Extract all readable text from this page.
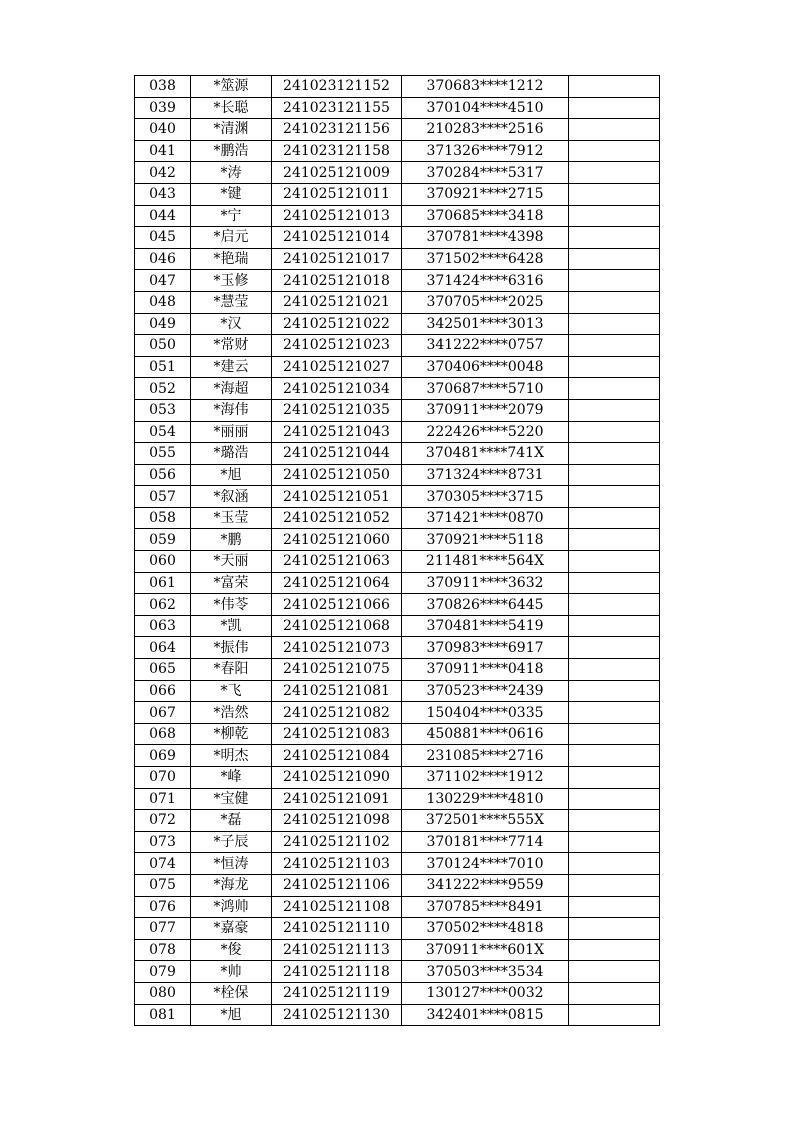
038	*筮源	241023121152	370683****1212	
039	*长聪	241023121155	370104****4510	
040	*清渊	241023121156	210283****2516	
041	*鹏浩	241023121158	371326****7912	
042	*涛	241025121009	370284****5317	
043	*键	241025121011	370921****2715	
044	*宁	241025121013	370685****3418	
045	*启元	241025121014	370781****4398	
046	*艳瑞	241025121017	371502****6428	
047	*玉修	241025121018	371424****6316	
048	*慧莹	241025121021	370705****2025	
049	*汉	241025121022	342501****3013	
050	*常财	241025121023	341222****0757	
051	*建云	241025121027	370406****0048	
052	*海超	241025121034	370687****5710	
053	*海伟	241025121035	370911****2079	
054	*丽丽	241025121043	222426****5220	
055	*璐浩	241025121044	370481****741X	
056	*旭	241025121050	371324****8731	
057	*叙涵	241025121051	370305****3715	
058	*玉莹	241025121052	371421****0870	
059	*鹏	241025121060	370921****5118	
060	*天丽	241025121063	211481****564X	
061	*富荣	241025121064	370911****3632	
062	*伟苓	241025121066	370826****6445	
063	*凯	241025121068	370481****5419	
064	*振伟	241025121073	370983****6917	
065	*春阳	241025121075	370911****0418	
066	*飞	241025121081	370523****2439	
067	*浩然	241025121082	150404****0335	
068	*柳乾	241025121083	450881****0616	
069	*明杰	241025121084	231085****2716	
070	*峰	241025121090	371102****1912	
071	*宝健	241025121091	130229****4810	
072	*磊	241025121098	372501****555X	
073	*子辰	241025121102	370181****7714	
074	*恒涛	241025121103	370124****7010	
075	*海龙	241025121106	341222****9559	
076	*鸿帅	241025121108	370785****8491	
077	*嘉豪	241025121110	370502****4818	
078	*俊	241025121113	370911****601X	
079	*帅	241025121118	370503****3534	
080	*栓保	241025121119	130127****0032	
081	*旭	241025121130	342401****0815	
